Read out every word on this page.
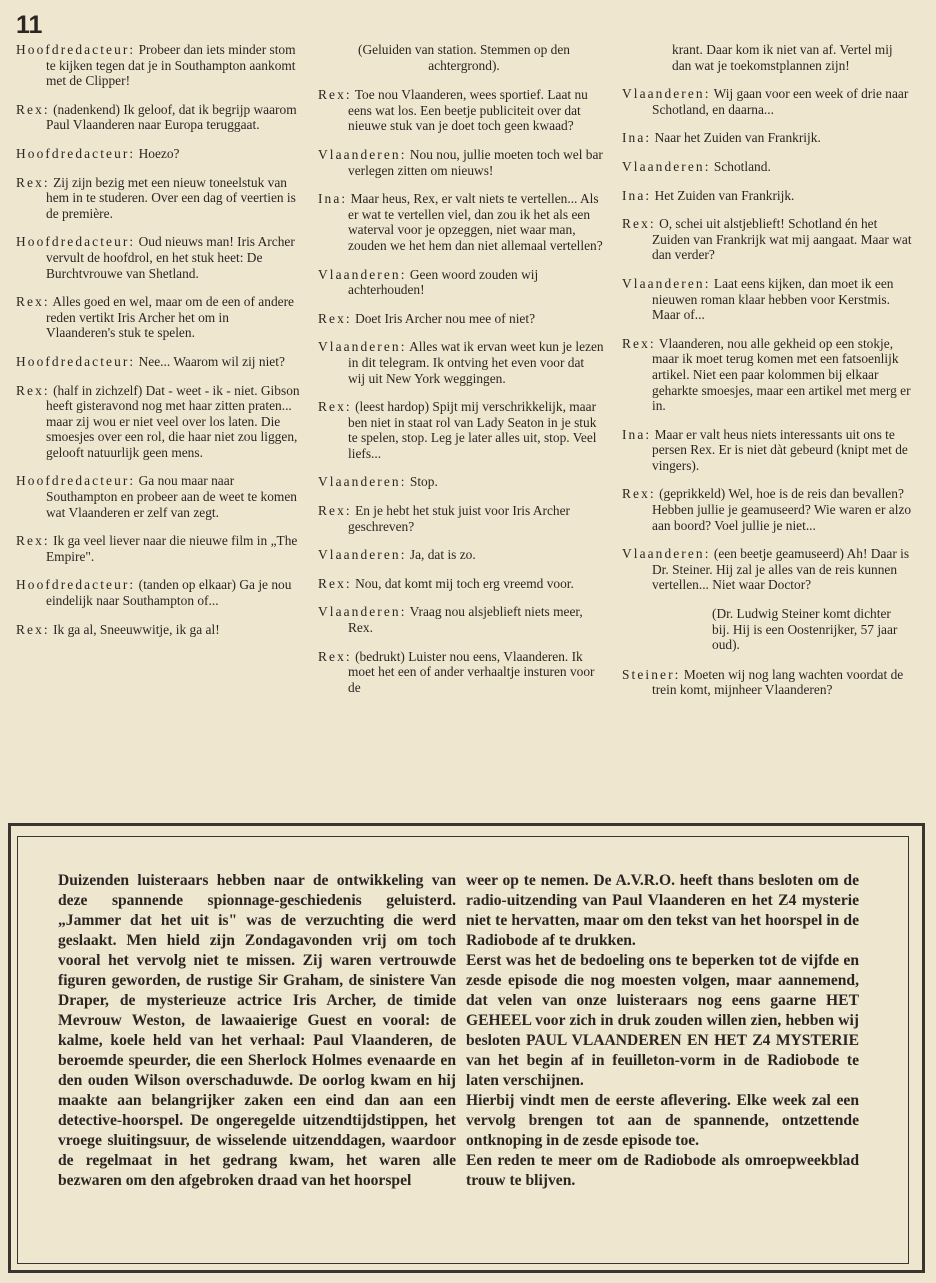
11

Hoofdredacteur: Probeer dan iets minder stom te kijken tegen dat je in Southampton aankomt met de Clipper!

Rex: (nadenkend) Ik geloof, dat ik begrijp waarom Paul Vlaanderen naar Europa teruggaat.

Hoofdredacteur: Hoezo?

Rex: Zij zijn bezig met een nieuw toneelstuk van hem in te studeren. Over een dag of veertien is de première.

Hoofdredacteur: Oud nieuws man! Iris Archer vervult de hoofdrol, en het stuk heet: De Burchtvrouwe van Shetland.

Rex: Alles goed en wel, maar om de een of andere reden vertikt Iris Archer het om in Vlaanderen's stuk te spelen.

Hoofdredacteur: Nee... Waarom wil zij niet?

Rex: (half in zichzelf) Dat - weet - ik - niet. Gibson heeft gisteravond nog met haar zitten praten... maar zij wou er niet veel over los laten. Die smoesjes over een rol, die haar niet zou liggen, gelooft natuurlijk geen mens.

Hoofdredacteur: Ga nou maar naar Southampton en probeer aan de weet te komen wat Vlaanderen er zelf van zegt.

Rex: Ik ga veel liever naar die nieuwe film in „The Empire".

Hoofdredacteur: (tanden op elkaar) Ga je nou eindelijk naar Southampton of...

Rex: Ik ga al, Sneeuwwitje, ik ga al!

(Geluiden van station. Stemmen op den achtergrond).

Rex: Toe nou Vlaanderen, wees sportief. Laat nu eens wat los. Een beetje publiciteit over dat nieuwe stuk van je doet toch geen kwaad?

Vlaanderen: Nou nou, jullie moeten toch wel bar verlegen zitten om nieuws!

Ina: Maar heus, Rex, er valt niets te vertellen... Als er wat te vertellen viel, dan zou ik het als een waterval voor je opzeggen, niet waar man, zouden we het hem dan niet allemaal vertellen?

Vlaanderen: Geen woord zouden wij achterhouden!

Rex: Doet Iris Archer nou mee of niet?

Vlaanderen: Alles wat ik ervan weet kun je lezen in dit telegram. Ik ontving het even voor dat wij uit New York weggingen.

Rex: (leest hardop) Spijt mij verschrikkelijk, maar ben niet in staat rol van Lady Seaton in je stuk te spelen, stop. Leg je later alles uit, stop. Veel liefs...

Vlaanderen: Stop.

Rex: En je hebt het stuk juist voor Iris Archer geschreven?

Vlaanderen: Ja, dat is zo.

Rex: Nou, dat komt mij toch erg vreemd voor.

Vlaanderen: Vraag nou alsjeblieft niets meer, Rex.

Rex: (bedrukt) Luister nou eens, Vlaanderen. Ik moet het een of ander verhaaltje insturen voor de

krant. Daar kom ik niet van af. Vertel mij dan wat je toekomstplannen zijn!

Vlaanderen: Wij gaan voor een week of drie naar Schotland, en daarna...

Ina: Naar het Zuiden van Frankrijk.

Vlaanderen: Schotland.

Ina: Het Zuiden van Frankrijk.

Rex: O, schei uit alstjeblieft! Schotland én het Zuiden van Frankrijk wat mij aangaat. Maar wat dan verder?

Vlaanderen: Laat eens kijken, dan moet ik een nieuwen roman klaar hebben voor Kerstmis. Maar of...

Rex: Vlaanderen, nou alle gekheid op een stokje, maar ik moet terug komen met een fatsoenlijk artikel. Niet een paar kolommen bij elkaar geharkte smoesjes, maar een artikel met merg er in.

Ina: Maar er valt heus niets interessants uit ons te persen Rex. Er is niet dàt gebeurd (knipt met de vingers).

Rex: (geprikkeld) Wel, hoe is de reis dan bevallen? Hebben jullie je geamuseerd? Wie waren er alzo aan boord? Voel jullie je niet...

Vlaanderen: (een beetje geamuseerd) Ah! Daar is Dr. Steiner. Hij zal je alles van de reis kunnen vertellen... Niet waar Doctor?

(Dr. Ludwig Steiner komt dichter bij. Hij is een Oostenrijker, 57 jaar oud).

Steiner: Moeten wij nog lang wachten voordat de trein komt, mijnheer Vlaanderen?

Duizenden luisteraars hebben naar de ontwikkeling van deze spannende spionnage-geschiedenis geluisterd. „Jammer dat het uit is" was de verzuchting die werd geslaakt. Men hield zijn Zondagavonden vrij om toch vooral het vervolg niet te missen. Zij waren vertrouwde figuren geworden, de rustige Sir Graham, de sinistere Van Draper, de mysterieuze actrice Iris Archer, de timide Mevrouw Weston, de lawaaierige Guest en vooral: de kalme, koele held van het verhaal: Paul Vlaanderen, de beroemde speurder, die een Sherlock Holmes evenaarde en den ouden Wilson overschaduwde. De oorlog kwam en hij maakte aan belangrijker zaken een eind dan aan een detective-hoorspel. De ongeregelde uitzendtijdstippen, het vroege sluitingsuur, de wisselende uitzenddagen, waardoor de regelmaat in het gedrang kwam, het waren alle bezwaren om den afgebroken draad van het hoorspel

weer op te nemen. De A.V.R.O. heeft thans besloten om de radio-uitzending van Paul Vlaanderen en het Z4 mysterie niet te hervatten, maar om den tekst van het hoorspel in de Radiobode af te drukken.

Eerst was het de bedoeling ons te beperken tot de vijfde en zesde episode die nog moesten volgen, maar aannemend, dat velen van onze luisteraars nog eens gaarne HET GEHEEL voor zich in druk zouden willen zien, hebben wij besloten PAUL VLAANDEREN EN HET Z4 MYSTERIE van het begin af in feuilleton-vorm in de Radiobode te laten verschijnen.

Hierbij vindt men de eerste aflevering. Elke week zal een vervolg brengen tot aan de spannende, ontzettende ontknoping in de zesde episode toe.

Een reden te meer om de Radiobode als omroepweekblad trouw te blijven.
